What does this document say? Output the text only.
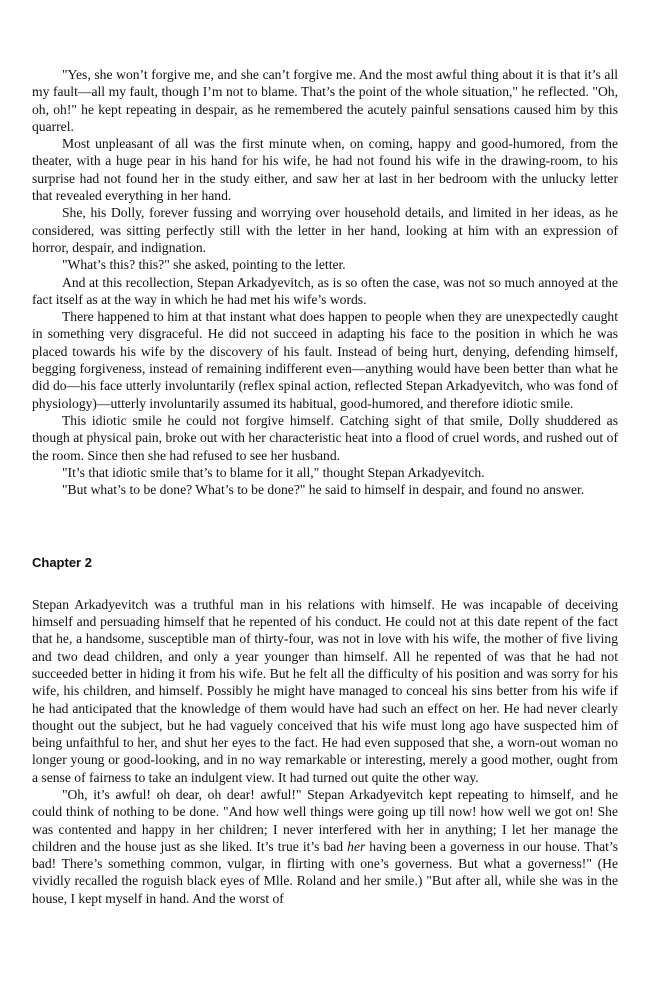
"Yes, she won’t forgive me, and she can’t forgive me. And the most awful thing about it is that it’s all my fault—all my fault, though I’m not to blame. That’s the point of the whole situation," he reflected. "Oh, oh, oh!" he kept repeating in despair, as he remembered the acutely painful sensations caused him by this quarrel.

Most unpleasant of all was the first minute when, on coming, happy and good-humored, from the theater, with a huge pear in his hand for his wife, he had not found his wife in the drawing-room, to his surprise had not found her in the study either, and saw her at last in her bedroom with the unlucky letter that revealed everything in her hand.

She, his Dolly, forever fussing and worrying over household details, and limited in her ideas, as he considered, was sitting perfectly still with the letter in her hand, looking at him with an expression of horror, despair, and indignation.

"What’s this? this?" she asked, pointing to the letter.

And at this recollection, Stepan Arkadyevitch, as is so often the case, was not so much annoyed at the fact itself as at the way in which he had met his wife’s words.

There happened to him at that instant what does happen to people when they are unexpectedly caught in something very disgraceful. He did not succeed in adapting his face to the position in which he was placed towards his wife by the discovery of his fault. Instead of being hurt, denying, defending himself, begging forgiveness, instead of remaining indifferent even—anything would have been better than what he did do—his face utterly involuntarily (reflex spinal action, reflected Stepan Arkadyevitch, who was fond of physiology)—utterly involuntarily assumed its habitual, good-humored, and therefore idiotic smile.

This idiotic smile he could not forgive himself. Catching sight of that smile, Dolly shuddered as though at physical pain, broke out with her characteristic heat into a flood of cruel words, and rushed out of the room. Since then she had refused to see her husband.

"It’s that idiotic smile that’s to blame for it all," thought Stepan Arkadyevitch.

"But what’s to be done? What’s to be done?" he said to himself in despair, and found no answer.

Chapter 2

Stepan Arkadyevitch was a truthful man in his relations with himself. He was incapable of deceiving himself and persuading himself that he repented of his conduct. He could not at this date repent of the fact that he, a handsome, susceptible man of thirty-four, was not in love with his wife, the mother of five living and two dead children, and only a year younger than himself. All he repented of was that he had not succeeded better in hiding it from his wife. But he felt all the difficulty of his position and was sorry for his wife, his children, and himself. Possibly he might have managed to conceal his sins better from his wife if he had anticipated that the knowledge of them would have had such an effect on her. He had never clearly thought out the subject, but he had vaguely conceived that his wife must long ago have suspected him of being unfaithful to her, and shut her eyes to the fact. He had even supposed that she, a worn-out woman no longer young or good-looking, and in no way remarkable or interesting, merely a good mother, ought from a sense of fairness to take an indulgent view. It had turned out quite the other way.

"Oh, it’s awful! oh dear, oh dear! awful!" Stepan Arkadyevitch kept repeating to himself, and he could think of nothing to be done. "And how well things were going up till now! how well we got on! She was contented and happy in her children; I never interfered with her in anything; I let her manage the children and the house just as she liked. It’s true it’s bad her having been a governess in our house. That’s bad! There’s something common, vulgar, in flirting with one’s governess. But what a governess!" (He vividly recalled the roguish black eyes of Mlle. Roland and her smile.) "But after all, while she was in the house, I kept myself in hand. And the worst of
